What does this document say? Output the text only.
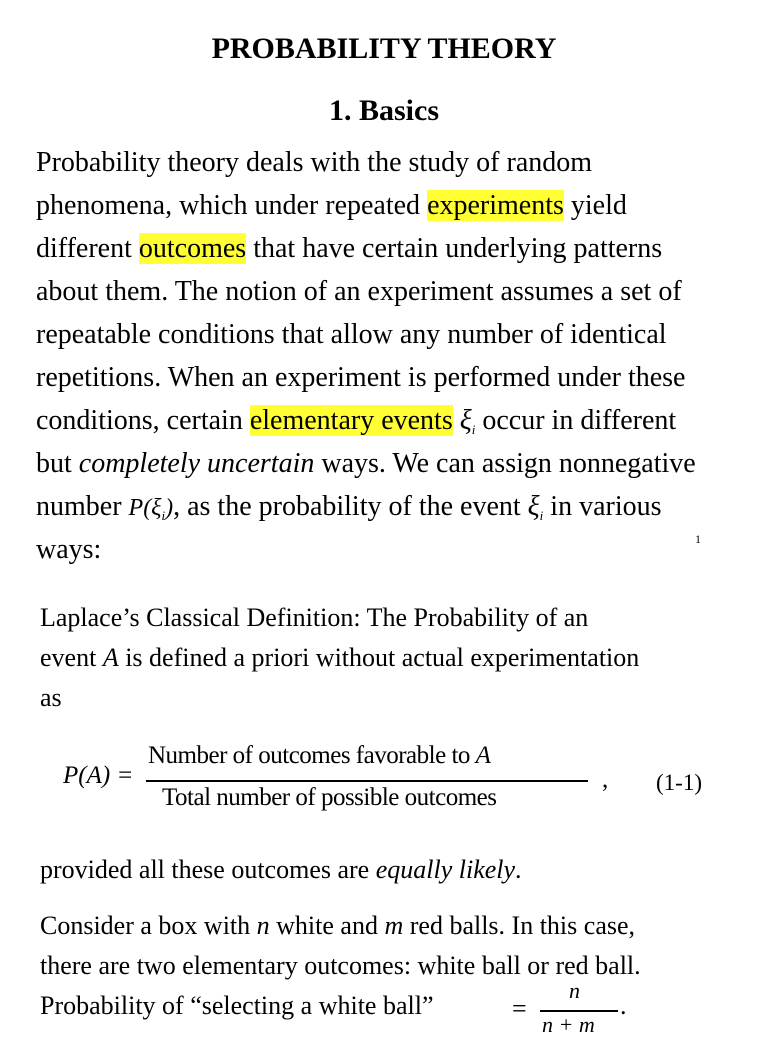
PROBABILITY THEORY
1. Basics
Probability theory deals with the study of random
phenomena, which under repeated experiments yield
different outcomes that have certain underlying patterns
about them. The notion of an experiment assumes a set of
repeatable conditions that allow any number of identical
repetitions. When an experiment is performed under these
conditions, certain elementary events $\xi_i$ occur in different
but completely uncertain ways. We can assign nonnegative
number $P(\xi_i)$, as the probability of the event $\xi_i$ in various
ways:	1
Laplace’s Classical Definition: The Probability of an
event A is defined a priori without actual experimentation
as
P(A) =
Number of outcomes favorable to A
Total number of possible outcomes
, (1-1)
provided all these outcomes are equally likely.
Consider a box with n white and m red balls. In this case,
there are two elementary outcomes: white ball or red ball.
Probability of “selecting a white ball”	=
n
n + m
.
